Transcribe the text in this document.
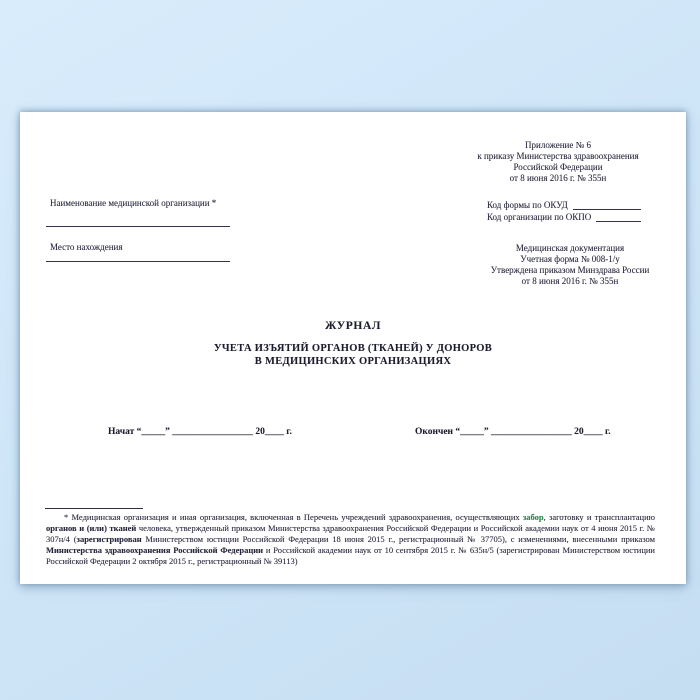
Приложение № 6
к приказу Министерства здравоохранения
Российской Федерации
от 8 июня 2016 г. № 355н
Наименование медицинской организации *
Место нахождения
Код формы по ОКУД
Код организации по ОКПО
Медицинская документация
Учетная форма № 008-1/у
Утверждена приказом Минздрава России
от 8 июня 2016 г. № 355н
ЖУРНАЛ
УЧЕТА ИЗЪЯТИЙ ОРГАНОВ (ТКАНЕЙ) У ДОНОРОВ
В МЕДИЦИНСКИХ ОРГАНИЗАЦИЯХ
Начат “_____” _________________ 20____ г.	Окончен “_____” _________________ 20____ г.

* Медицинская организация и иная организация, включенная в Перечень учреждений здравоохранения, осуществляющих забор, заготовку и трансплантацию органов и (или) тканей человека, утвержденный приказом Министерства здравоохранения Российской Федерации и Российской академии наук от 4 июня 2015 г. № 307н/4 (зарегистрирован Министерством юстиции Российской Федерации 18 июня 2015 г., регистрационный № 37705), с изменениями, внесенными приказом Министерства здравоохранения Российской Федерации и Российской академии наук от 10 сентября 2015 г. № 635н/5 (зарегистрирован Министерством юстиции Российской Федерации 2 октября 2015 г., регистрационный № 39113)
